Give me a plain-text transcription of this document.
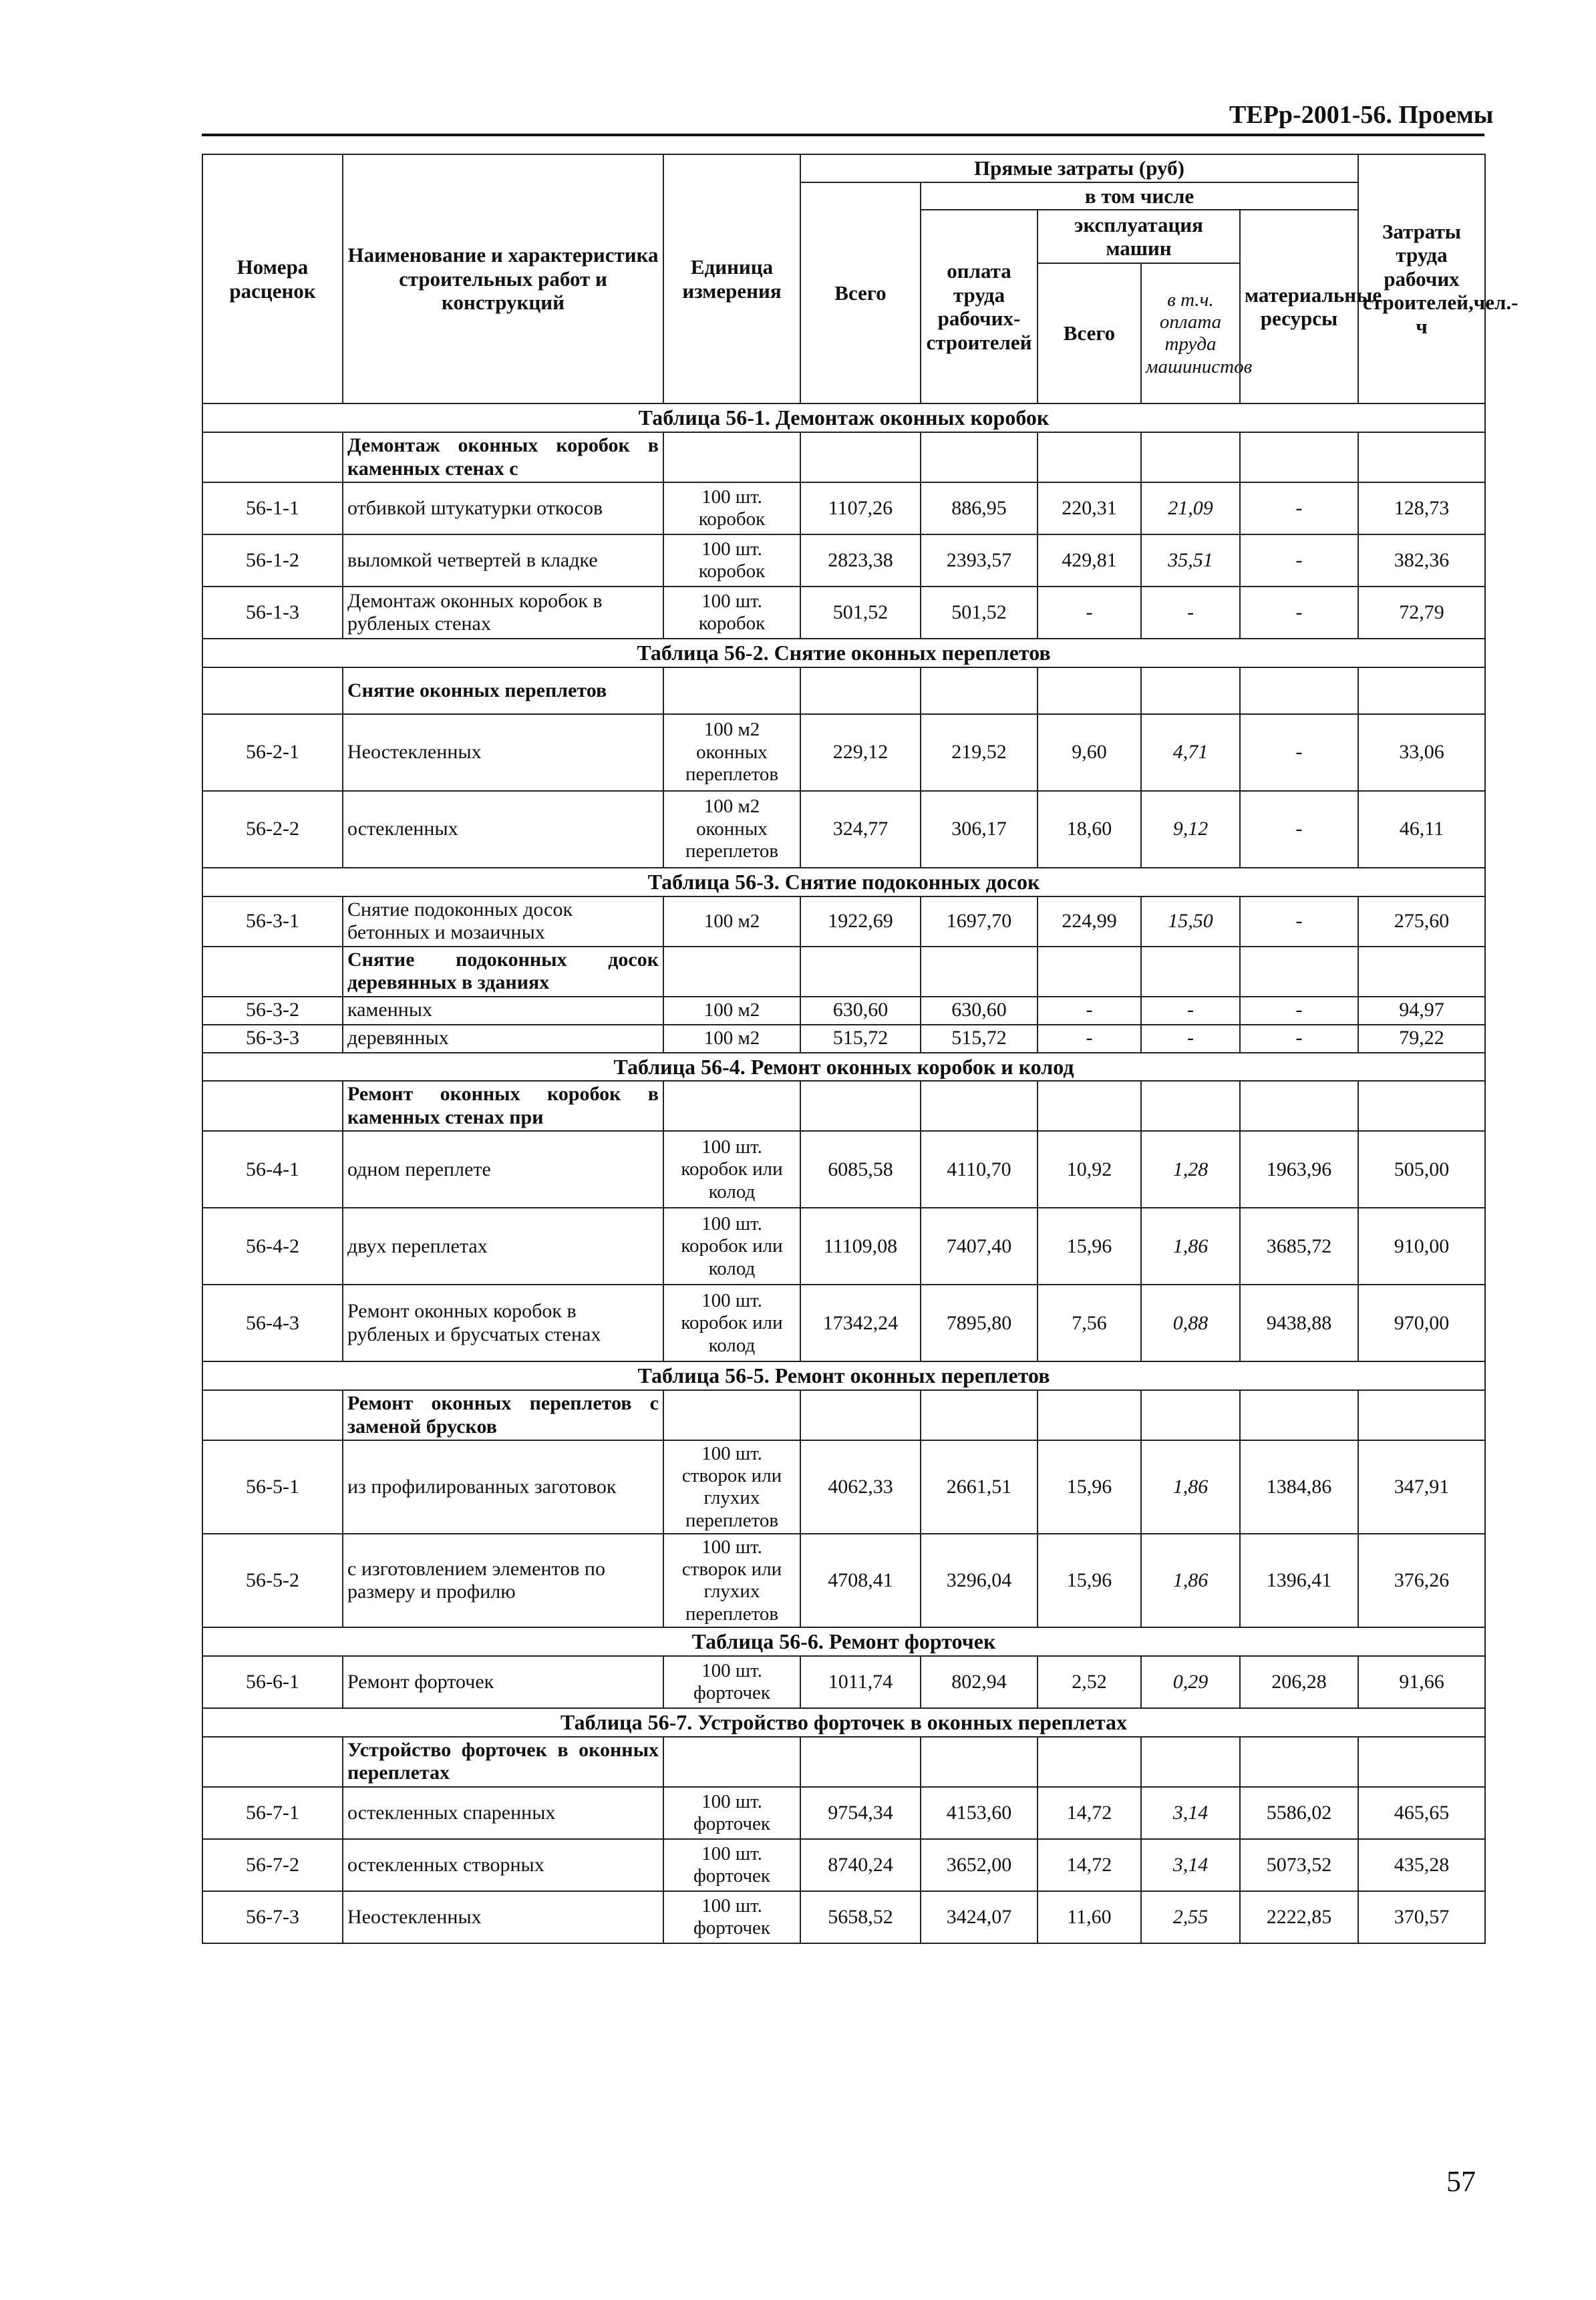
ТЕРр-2001-56. Проемы
Номера расценок	Наименование и характеристика строительных работ и конструкций	Единица измерения	Прямые затраты (руб)					Затраты труда рабочих строителей,чел.-ч
			Всего	в том числе				
				оплата труда рабочих-строителей	эксплуатация машин		материальные ресурсы	
					Всего	в т.ч. оплата труда машинистов		

Таблица 56-1. Демонтаж оконных коробок								
	Демонтаж оконных коробок в каменных стенах с							
56-1-1	отбивкой штукатурки откосов	100 шт. коробок	1107,26	886,95	220,31	21,09	-	128,73
56-1-2	выломкой четвертей в кладке	100 шт. коробок	2823,38	2393,57	429,81	35,51	-	382,36
56-1-3	Демонтаж оконных коробок в рубленых стенах	100 шт. коробок	501,52	501,52	-	-	-	72,79
Таблица 56-2. Снятие оконных переплетов								
	Снятие оконных переплетов							
56-2-1	Неостекленных	100 м2 оконных переплетов	229,12	219,52	9,60	4,71	-	33,06
56-2-2	остекленных	100 м2 оконных переплетов	324,77	306,17	18,60	9,12	-	46,11
Таблица 56-3. Снятие подоконных досок								
56-3-1	Снятие подоконных досок бетонных и мозаичных	100 м2	1922,69	1697,70	224,99	15,50	-	275,60
	Снятие подоконных досок деревянных в зданиях							
56-3-2	каменных	100 м2	630,60	630,60	-	-	-	94,97
56-3-3	деревянных	100 м2	515,72	515,72	-	-	-	79,22
Таблица 56-4. Ремонт оконных коробок и колод								
	Ремонт оконных коробок в каменных стенах при							
56-4-1	одном переплете	100 шт. коробок или колод	6085,58	4110,70	10,92	1,28	1963,96	505,00
56-4-2	двух переплетах	100 шт. коробок или колод	11109,08	7407,40	15,96	1,86	3685,72	910,00
56-4-3	Ремонт оконных коробок в рубленых и брусчатых стенах	100 шт. коробок или колод	17342,24	7895,80	7,56	0,88	9438,88	970,00
Таблица 56-5. Ремонт оконных переплетов								
	Ремонт оконных переплетов с заменой брусков							
56-5-1	из профилированных заготовок	100 шт. створок или глухих переплетов	4062,33	2661,51	15,96	1,86	1384,86	347,91
56-5-2	с изготовлением элементов по размеру и профилю	100 шт. створок или глухих переплетов	4708,41	3296,04	15,96	1,86	1396,41	376,26
Таблица 56-6. Ремонт форточек								
56-6-1	Ремонт форточек	100 шт. форточек	1011,74	802,94	2,52	0,29	206,28	91,66
Таблица 56-7. Устройство форточек в оконных переплетах								
	Устройство форточек в оконных переплетах							
56-7-1	остекленных спаренных	100 шт. форточек	9754,34	4153,60	14,72	3,14	5586,02	465,65
56-7-2	остекленных створных	100 шт. форточек	8740,24	3652,00	14,72	3,14	5073,52	435,28
56-7-3	Неостекленных	100 шт. форточек	5658,52	3424,07	11,60	2,55	2222,85	370,57
57
